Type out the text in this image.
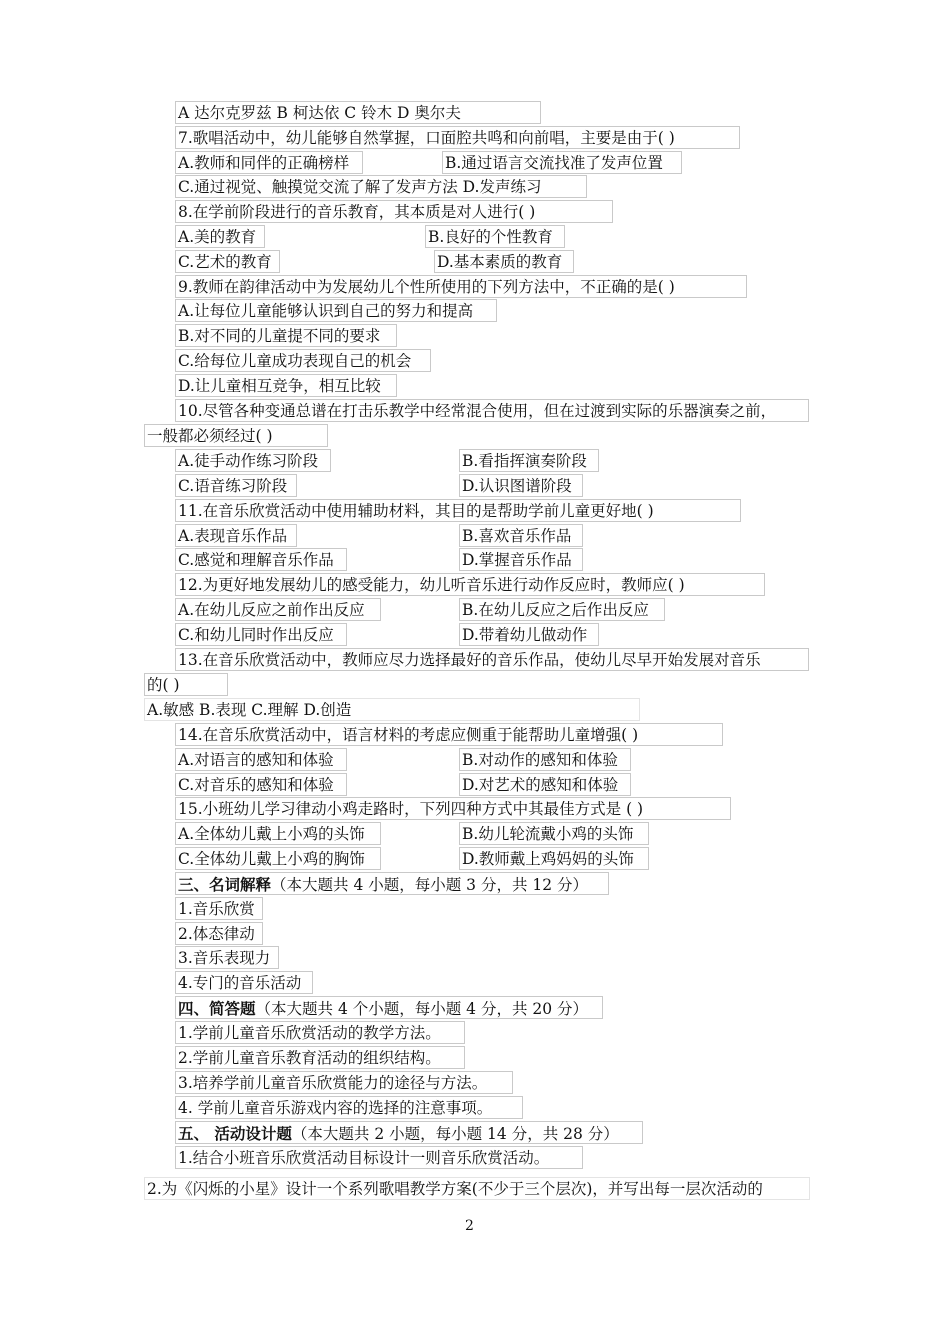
A 达尔克罗兹 B 柯达依 C 铃木 D 奥尔夫
7.歌唱活动中，幼儿能够自然掌握，口面腔共鸣和向前唱，主要是由于( )
A.教师和同伴的正确榜样	B.通过语言交流找准了发声位置
C.通过视觉、触摸觉交流了解了发声方法 D.发声练习
8.在学前阶段进行的音乐教育，其本质是对人进行( )
A.美的教育	B.良好的个性教育
C.艺术的教育	D.基本素质的教育
9.教师在韵律活动中为发展幼儿个性所使用的下列方法中，不正确的是( )
A.让每位儿童能够认识到自己的努力和提高
B.对不同的儿童提不同的要求
C.给每位儿童成功表现自己的机会
D.让儿童相互竞争，相互比较
10.尽管各种变通总谱在打击乐教学中经常混合使用，但在过渡到实际的乐器演奏之前，
一般都必须经过( )
A.徒手动作练习阶段	B.看指挥演奏阶段
C.语音练习阶段	D.认识图谱阶段
11.在音乐欣赏活动中使用辅助材料，其目的是帮助学前儿童更好地( )
A.表现音乐作品	B.喜欢音乐作品
C.感觉和理解音乐作品	D.掌握音乐作品
12.为更好地发展幼儿的感受能力，幼儿听音乐进行动作反应时，教师应( )
A.在幼儿反应之前作出反应	B.在幼儿反应之后作出反应
C.和幼儿同时作出反应	D.带着幼儿做动作
13.在音乐欣赏活动中，教师应尽力选择最好的音乐作品，使幼儿尽早开始发展对音乐
的( )
A.敏感 B.表现 C.理解 D.创造
14.在音乐欣赏活动中，语言材料的考虑应侧重于能帮助儿童增强( )
A.对语言的感知和体验	B.对动作的感知和体验
C.对音乐的感知和体验	D.对艺术的感知和体验
15.小班幼儿学习律动小鸡走路时，下列四种方式中其最佳方式是 ( )
A.全体幼儿戴上小鸡的头饰	B.幼儿轮流戴小鸡的头饰
C.全体幼儿戴上小鸡的胸饰	D.教师戴上鸡妈妈的头饰
三、名词解释（本大题共 4 小题，每小题 3 分，共 12 分）
1.音乐欣赏
2.体态律动
3.音乐表现力
4.专门的音乐活动
四、简答题（本大题共 4 个小题，每小题 4 分，共 20 分）
1.学前儿童音乐欣赏活动的教学方法。
2.学前儿童音乐教育活动的组织结构。
3.培养学前儿童音乐欣赏能力的途径与方法。
4. 学前儿童音乐游戏内容的选择的注意事项。
五、 活动设计题（本大题共 2 小题，每小题 14 分，共 28 分）
1.结合小班音乐欣赏活动目标设计一则音乐欣赏活动。
2.为《闪烁的小星》设计一个系列歌唱教学方案(不少于三个层次)，并写出每一层次活动的
2
